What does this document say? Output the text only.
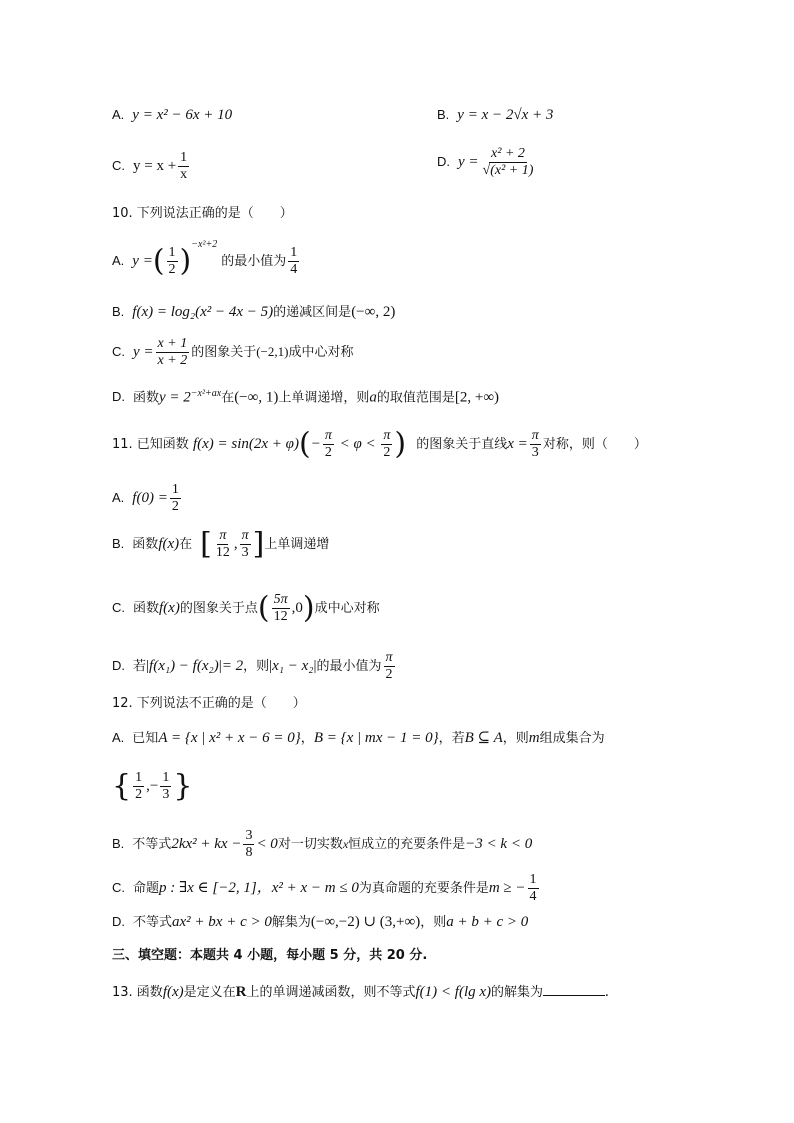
A. y = x² − 6x + 10	B. y = x − 2√x + 3
C. $y = x + \frac{1}{x}$	D. $y = \frac{\text{x² + 2}}{\text{√(x² + 1)}}$
10. 下列说法正确的是（　　）
A. y =( $\frac{1}{2} )^{-x^2+2}$的最小值为 $\frac{1}{4}$
B. f(x) = log₂(x² − 4x − 5)的递减区间是(−∞, 2)
C. $y = \frac{x + 1}{x + 2}$ 的图象关于(−2,1)成中心对称
D. 函数$y = 2^{-x^2+ax}$在(−∞, 1)上单调递增，则a的取值范围是[2, +∞)
11. 已知函数 $f(x) = \sin(2x + \varphi)(- \frac{\pi}{2} < \varphi < \frac{\pi}{2}$ ) 的图象关于直线$x = \frac{\pi}{3}$ 对称，则（　　）
A. $f(0) = \frac{1}{2}$
B. 函数f(x)在 [ $\frac{\pi}{12}$ , $\frac{\pi}{3}$ ]上单调递增
C. 函数f(x)的图象关于点( $\frac{5\pi}{12} ,0$)成中心对称
D. 若|f(x₁) − f(x₂)|= 2，则|x₁ − x₂|的最小值为 $\frac{\pi}{2}$
12. 下列说法不正确的是（　　）
A. 已知A = {x | x² + x − 6 = 0}，B = {x | mx − 1 = 0}，若B ⊆ A，则m组成集合为
{ $\frac{1}{2}$ ,− $\frac{1}{3}$ }
B. 不等式2kx² + kx − $\frac{3}{8} < 0$对一切实数x恒成立的充要条件是−3 < k < 0
C. 命题p : ∃x ∈ [−2, 1]，x² + x − m ≤ 0为真命题的充要条件是m ≥ − $\frac{1}{4}$
D. 不等式ax² + bx + c > 0解集为(−∞,−2) ∪ (3,+∞)，则a + b + c > 0
三、填空题：本题共 4 小题，每小题 5 分，共 20 分.
13. 函数f(x)是定义在R上的单调递减函数，则不等式f(1) < f(lg x)的解集为	.
